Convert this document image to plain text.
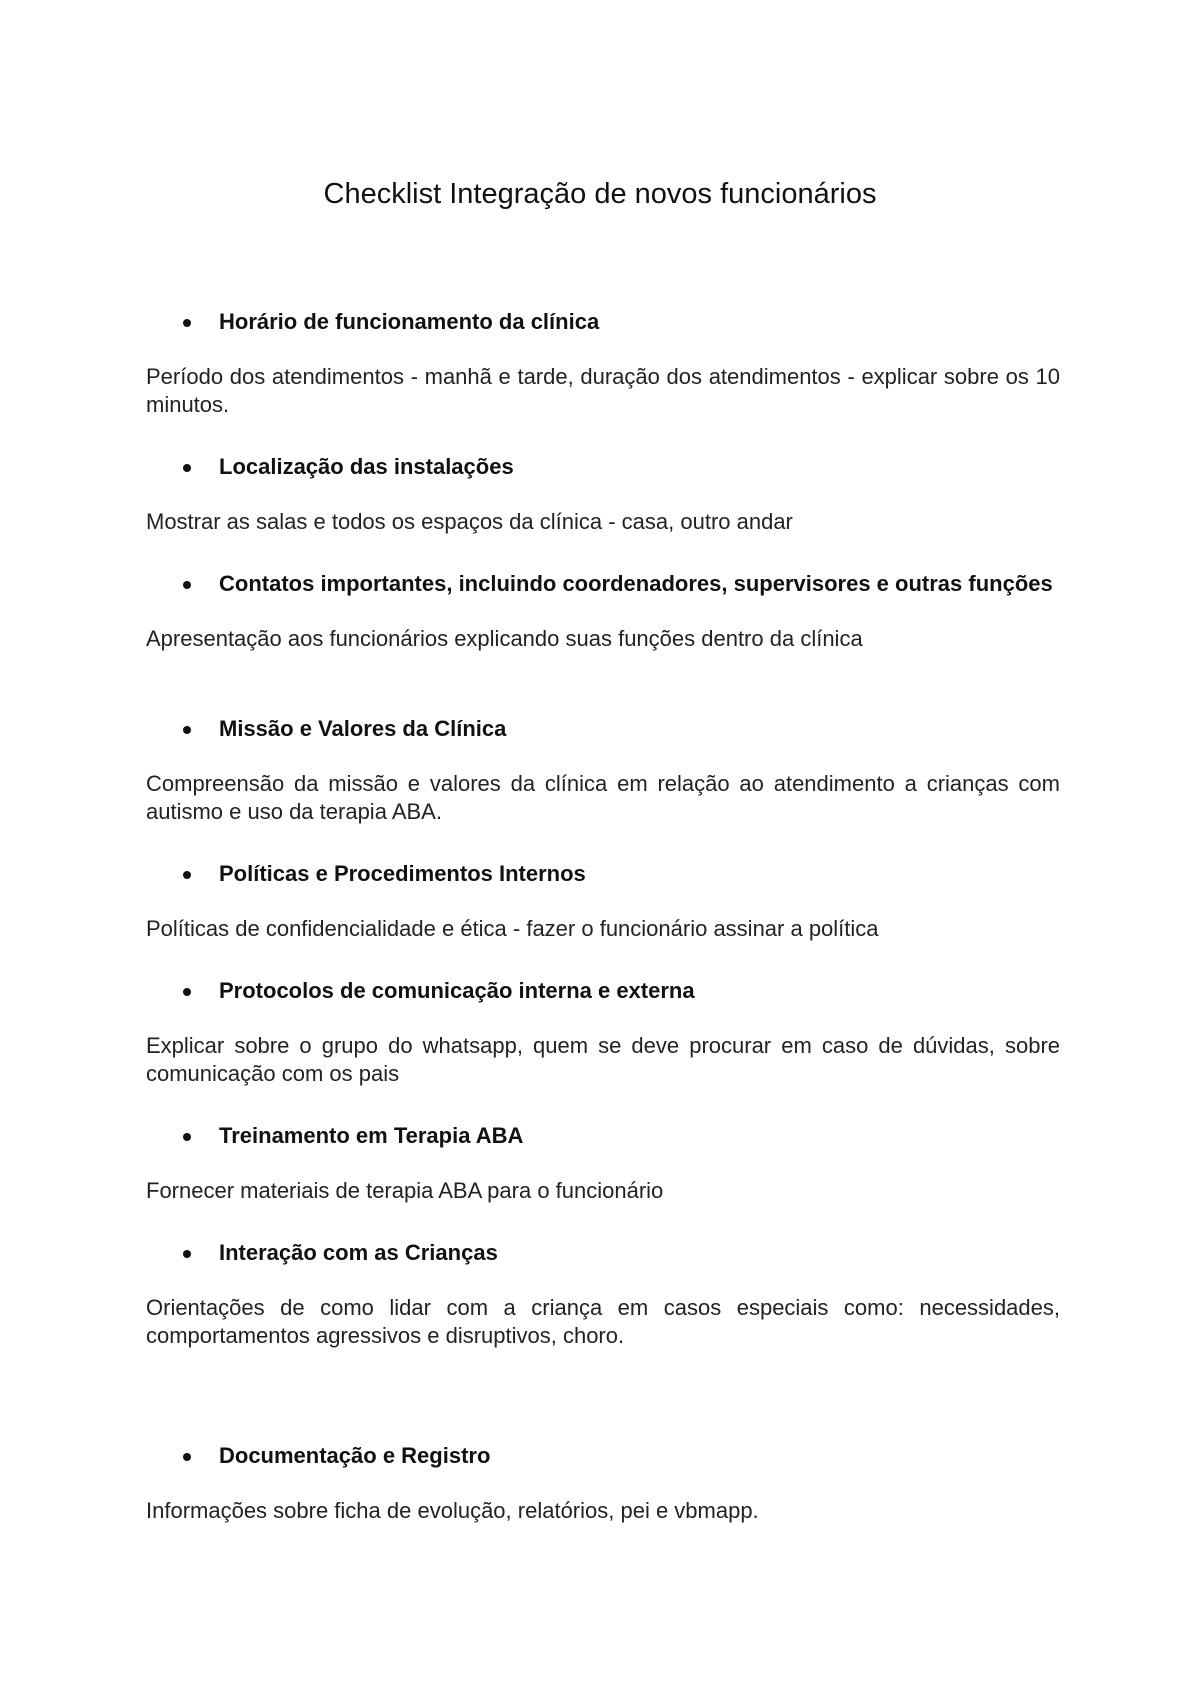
Checklist Integração de novos funcionários

Horário de funcionamento da clínica

Período dos atendimentos - manhã e tarde, duração dos atendimentos - explicar sobre os 10 minutos.

Localização das instalações

Mostrar as salas e todos os espaços da clínica - casa, outro andar

Contatos importantes, incluindo coordenadores, supervisores e outras funções

Apresentação aos funcionários explicando suas funções dentro da clínica

Missão e Valores da Clínica

Compreensão da missão e valores da clínica em relação ao atendimento a crianças com autismo e uso da terapia ABA.

Políticas e Procedimentos Internos

Políticas de confidencialidade e ética - fazer o funcionário assinar a política

Protocolos de comunicação interna e externa

Explicar sobre o grupo do whatsapp, quem se deve procurar em caso de dúvidas, sobre comunicação com os pais

Treinamento em Terapia ABA

Fornecer materiais de terapia ABA para o funcionário

Interação com as Crianças

Orientações de como lidar com a criança em casos especiais como: necessidades, comportamentos agressivos e disruptivos, choro.

Documentação e Registro

Informações sobre ficha de evolução, relatórios, pei e vbmapp.
